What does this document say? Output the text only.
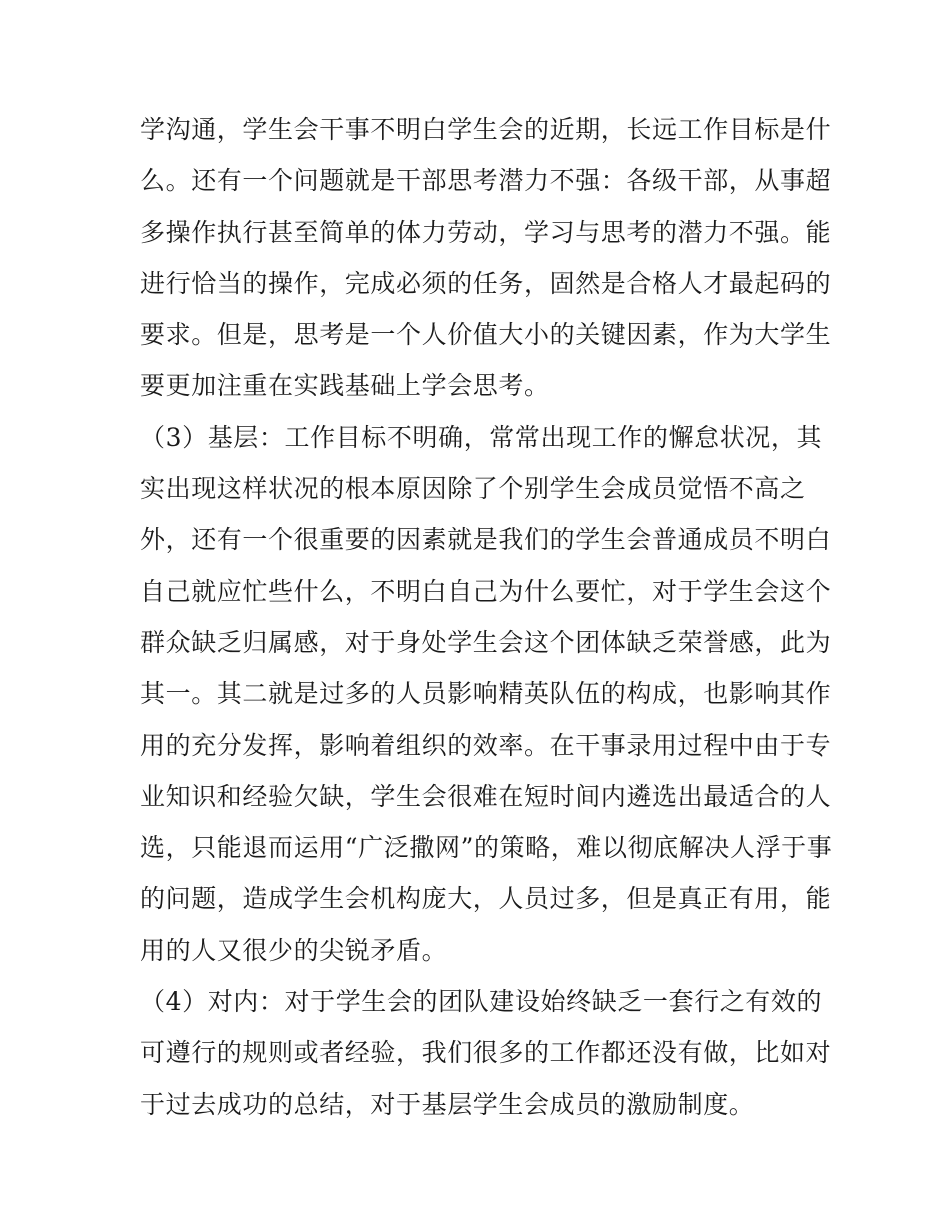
学沟通，学生会干事不明白学生会的近期，长远工作目标是什
么。还有一个问题就是干部思考潜力不强：各级干部，从事超
多操作执行甚至简单的体力劳动，学习与思考的潜力不强。能
进行恰当的操作，完成必须的任务，固然是合格人才最起码的
要求。但是，思考是一个人价值大小的关键因素，作为大学生
要更加注重在实践基础上学会思考。
（3）基层：工作目标不明确，常常出现工作的懈怠状况，其
实出现这样状况的根本原因除了个别学生会成员觉悟不高之
外，还有一个很重要的因素就是我们的学生会普通成员不明白
自己就应忙些什么，不明白自己为什么要忙，对于学生会这个
群众缺乏归属感，对于身处学生会这个团体缺乏荣誉感，此为
其一。其二就是过多的人员影响精英队伍的构成，也影响其作
用的充分发挥，影响着组织的效率。在干事录用过程中由于专
业知识和经验欠缺，学生会很难在短时间内遴选出最适合的人
选，只能退而运用“广泛撒网”的策略，难以彻底解决人浮于事
的问题，造成学生会机构庞大，人员过多，但是真正有用，能
用的人又很少的尖锐矛盾。
（4）对内：对于学生会的团队建设始终缺乏一套行之有效的
可遵行的规则或者经验，我们很多的工作都还没有做，比如对
于过去成功的总结，对于基层学生会成员的激励制度。
